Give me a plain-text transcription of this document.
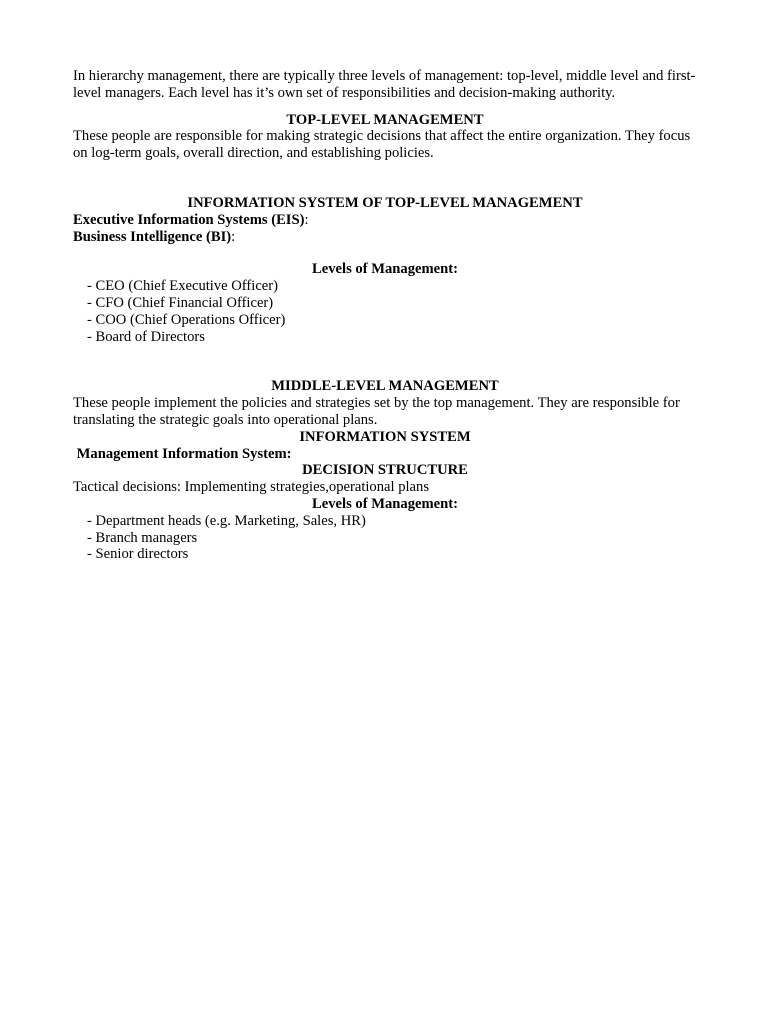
In hierarchy management, there are typically three levels of management: top-level, middle level and first-level managers. Each level has it’s own set of responsibilities and decision-making authority.

TOP-LEVEL MANAGEMENT

These people are responsible for making strategic decisions that affect the entire organization. They focus on log-term goals, overall direction, and establishing policies.

INFORMATION SYSTEM OF TOP-LEVEL MANAGEMENT
Executive Information Systems (EIS):
Business Intelligence (BI):
Levels of Management:
- CEO (Chief Executive Officer)
- CFO (Chief Financial Officer)
- COO (Chief Operations Officer)
- Board of Directors
MIDDLE-LEVEL MANAGEMENT

These people implement the policies and strategies set by the top management. They are responsible for translating the strategic goals into operational plans.

INFORMATION SYSTEM
Management Information System:
DECISION STRUCTURE
Tactical decisions: Implementing strategies,operational plans
Levels of Management:
- Department heads (e.g. Marketing, Sales, HR)
- Branch managers
- Senior directors
